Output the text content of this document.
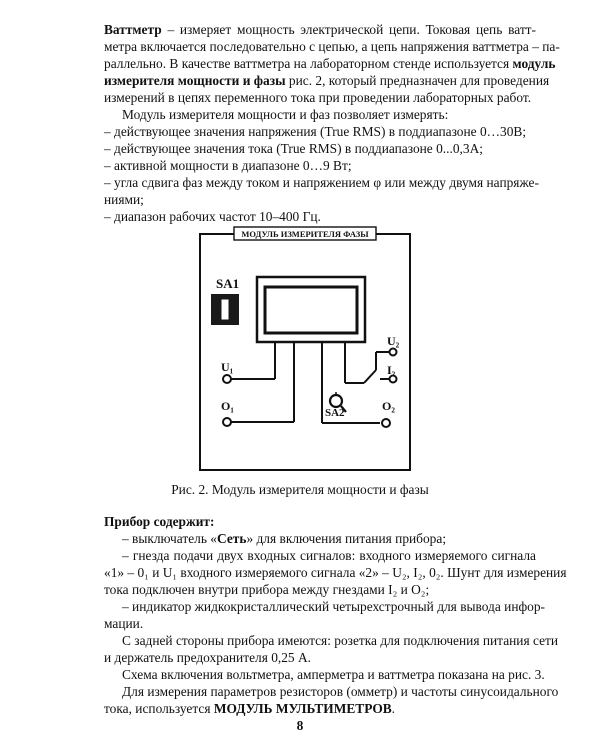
Ваттметр – измеряет мощность электрической цепи. Токовая цепь ватт-
метра включается последовательно с цепью, а цепь напряжения ваттметра – па-
раллельно. В качестве ваттметра на лабораторном стенде используется модуль
измерителя мощности и фазы рис. 2, который предназначен для проведения
измерений в цепях переменного тока при проведении лабораторных работ.
Модуль измерителя мощности и фаз позволяет измерять:
– действующее значения напряжения (True RMS) в поддиапазоне 0…30В;
– действующее значения тока (True RMS) в поддиапазоне 0...0,3А;
– активной мощности в диапазоне 0…9 Вт;
– угла сдвига фаз между током и напряжением φ или между двумя напряже-
ниями;
– диапазон рабочих частот 10–400 Гц.
МОДУЛЬ ИЗМЕРИТЕЛЯ ФАЗЫ
SA1
U₁
O₁	O₂
U₂
I₂
SA2
Рис. 2. Модуль измерителя мощности и фазы
Прибор содержит:
– выключатель «Сеть» для включения питания прибора;
– гнезда подачи двух входных сигналов: входного измеряемого сигнала
«1» – 0₁ и U₁ входного измеряемого сигнала «2» – U₂, I₂, 0₂. Шунт для измерения
тока подключен внутри прибора между гнездами I₂ и O₂;
– индикатор жидкокристаллический четырехстрочный для вывода инфор-
мации.
С задней стороны прибора имеются: розетка для подключения питания сети
и держатель предохранителя 0,25 А.
Схема включения вольтметра, амперметра и ваттметра показана на рис. 3.
Для измерения параметров резисторов (омметр) и частоты синусоидального
тока, используется МОДУЛЬ МУЛЬТИМЕТРОВ.
8
